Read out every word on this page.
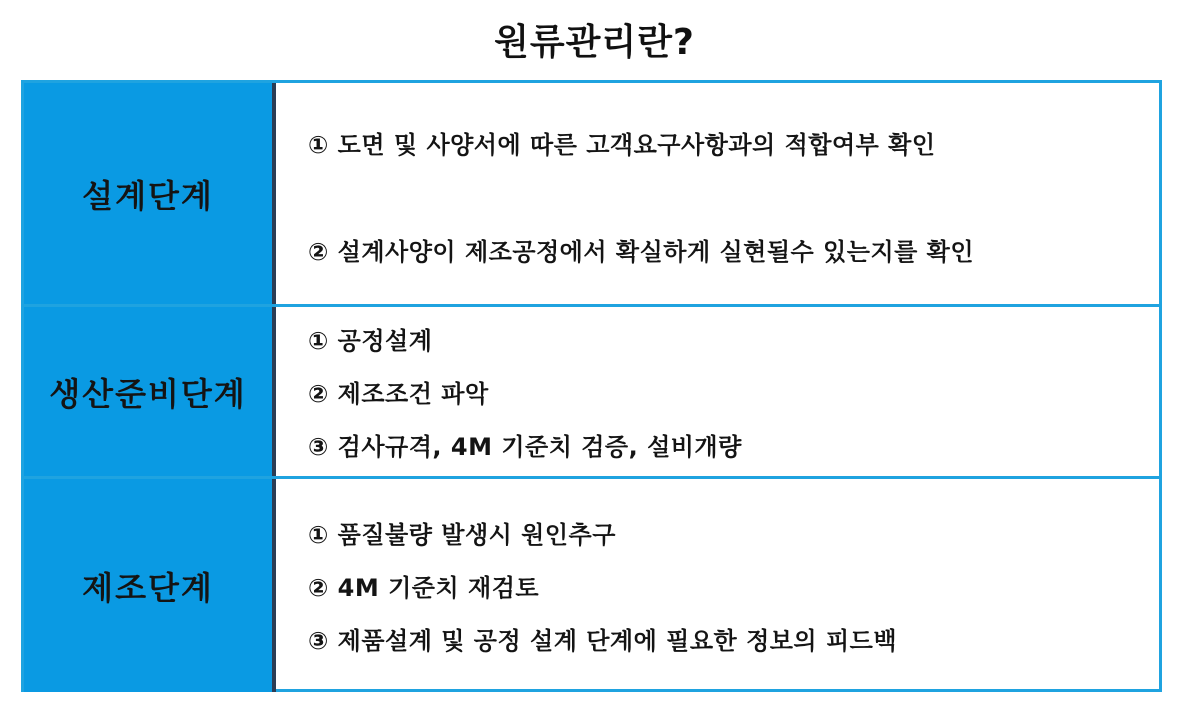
원류관리란?
설계단계
① 도면 및 사양서에 따른 고객요구사항과의 적합여부 확인
② 설계사양이 제조공정에서 확실하게 실현될수 있는지를 확인
생산준비단계
① 공정설계
② 제조조건 파악
③ 검사규격, 4M 기준치 검증, 설비개량
제조단계
① 품질불량 발생시 원인추구
② 4M 기준치 재검토
③ 제품설계 및 공정 설계 단계에 필요한 정보의 피드백
